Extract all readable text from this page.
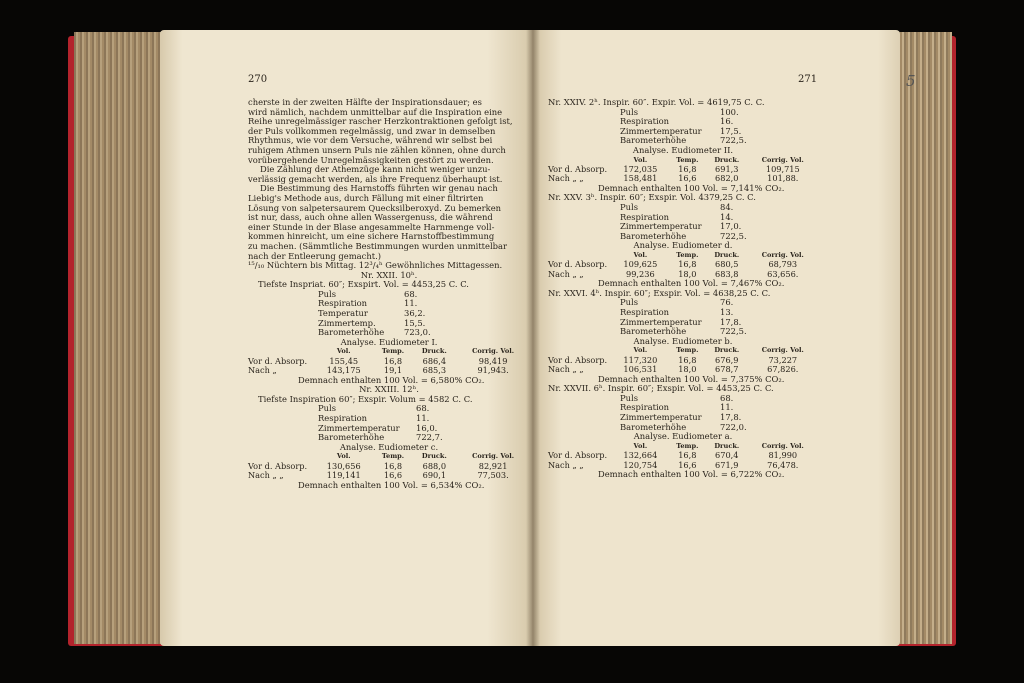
270
cherste in der zweiten Hälfte der Inspirationsdauer; es
wird nämlich, nachdem unmittelbar auf die Inspiration eine
Reihe unregelmässiger rascher Herzkontraktionen gefolgt ist,
der Puls vollkommen regelmässig, und zwar in demselben
Rhythmus, wie vor dem Versuche, während wir selbst bei
ruhigem Athmen unsern Puls nie zählen können, ohne durch
vorübergehende Unregelmässigkeiten gestört zu werden.
Die Zählung der Athemzüge kann nicht weniger unzu-
verlässig gemacht werden, als ihre Frequenz überhaupt ist.
Die Bestimmung des Harnstoffs führten wir genau nach
Liebig's Methode aus, durch Fällung mit einer filtrirten
Lösung von salpetersaurem Quecksilberoxyd. Zu bemerken
ist nur, dass, auch ohne allen Wassergenuss, die während
einer Stunde in der Blase angesammelte Harnmenge voll-
kommen hinreicht, um eine sichere Harnstoffbestimmung
zu machen. (Sämmtliche Bestimmungen wurden unmittelbar
nach der Entleerung gemacht.)
¹⁵/₁₀ Nüchtern bis Mittag. 12³/₄ʰ Gewöhnliches Mittagessen.
Nr. XXII. 10ʰ.
Tiefste Inspriat. 60″; Exspirt. Vol. = 4453,25 C. C.
Puls	68.
Respiration	11.
Temperatur	36,2.
Zimmertemp.	15,5.
Barometerhöhe	723,0.
Analyse. Eudiometer I.
	Vol.	Temp.	Druck.	Corrig. Vol.
Vor d. Absorp.	155,45	16,8	686,4	98,419
Nach „	143,175	19,1	685,3	91,943.
Demnach enthalten 100 Vol. = 6,580% CO₂.
Nr. XXIII. 12ʰ.
Tiefste Inspiration 60″; Exspir. Volum = 4582 C. C.
Puls	68.
Respiration	11.
Zimmertemperatur	16,0.
Barometerhöhe	722,7.
Analyse. Eudiometer c.
	Vol.	Temp.	Druck.	Corrig. Vol.
Vor d. Absorp.	130,656	16,8	688,0	82,921
Nach „ „	119,141	16,6	690,1	77,503.
Demnach enthalten 100 Vol. = 6,534% CO₂.
271
Nr. XXIV. 2ʰ. Inspir. 60″. Expir. Vol. = 4619,75 C. C.
Puls	100.
Respiration	16.
Zimmertemperatur	17,5.
Barometerhöhe	722,5.
Analyse. Eudiometer II.
	Vol.	Temp.	Druck.	Corrig. Vol.
Vor d. Absorp.	172,035	16,8	691,3	109,715
Nach „ „	158,481	16,6	682,0	101,88.
Demnach enthalten 100 Vol. = 7,141% CO₂.
Nr. XXV. 3ʰ. Inspir. 60″; Exspir. Vol. 4379,25 C. C.
Puls	84.
Respiration	14.
Zimmertemperatur	17,0.
Barometerhöhe	722,5.
Analyse. Eudiometer d.
	Vol.	Temp.	Druck.	Corrig. Vol.
Vor d. Absorp.	109,625	16,8	680,5	68,793
Nach „ „	99,236	18,0	683,8	63,656.
Demnach enthalten 100 Vol. = 7,467% CO₂.
Nr. XXVI. 4ʰ. Inspir. 60″; Exspir. Vol. = 4638,25 C. C.
Puls	76.
Respiration	13.
Zimmertemperatur	17,8.
Barometerhöhe	722,5.
Analyse. Eudiometer b.
	Vol.	Temp.	Druck.	Corrig. Vol.
Vor d. Absorp.	117,320	16,8	676,9	73,227
Nach „ „	106,531	18,0	678,7	67,826.
Demnach enthalten 100 Vol. = 7,375% CO₂.
Nr. XXVII. 6ʰ. Inspir. 60″; Exspir. Vol. = 4453,25 C. C.
Puls	68.
Respiration	11.
Zimmertemperatur	17,8.
Barometerhöhe	722,0.
Analyse. Eudiometer a.
	Vol.	Temp.	Druck.	Corrig. Vol.
Vor d. Absorp.	132,664	16,8	670,4	81,990
Nach „ „	120,754	16,6	671,9	76,478.
Demnach enthalten 100 Vol. = 6,722% CO₂.
5
